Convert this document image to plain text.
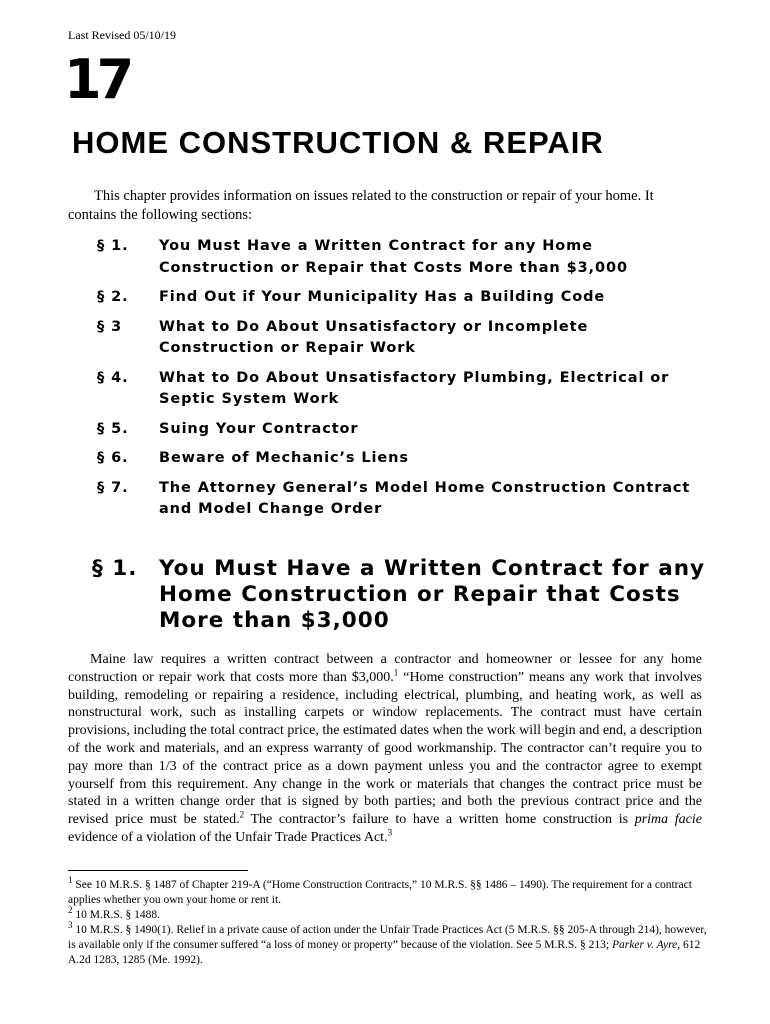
Last Revised 05/10/19
17
HOME CONSTRUCTION & REPAIR

This chapter provides information on issues related to the construction or repair of your home. It contains the following sections:

§ 1.	You Must Have a Written Contract for any Home Construction or Repair that Costs More than $3,000
§ 2.	Find Out if Your Municipality Has a Building Code
§ 3	What to Do About Unsatisfactory or Incomplete Construction or Repair Work
§ 4.	What to Do About Unsatisfactory Plumbing, Electrical or Septic System Work
§ 5.	Suing Your Contractor
§ 6.	Beware of Mechanic’s Liens
§ 7.	The Attorney General’s Model Home Construction Contract and Model Change Order
§ 1.	You Must Have a Written Contract for any Home Construction or Repair that Costs More than $3,000

Maine law requires a written contract between a contractor and homeowner or lessee for any home construction or repair work that costs more than $3,000.$^1$ “Home construction” means any work that involves building, remodeling or repairing a residence, including electrical, plumbing, and heating work, as well as nonstructural work, such as installing carpets or window replacements. The contract must have certain provisions, including the total contract price, the estimated dates when the work will begin and end, a description of the work and materials, and an express warranty of good workmanship. The contractor can’t require you to pay more than 1/3 of the contract price as a down payment unless you and the contractor agree to exempt yourself from this requirement. Any change in the work or materials that changes the contract price must be stated in a written change order that is signed by both parties; and both the previous contract price and the revised price must be stated.$^2$ The contractor’s failure to have a written home construction is prima facie evidence of a violation of the Unfair Trade Practices Act.$^3$

$^1$ See 10 M.R.S. § 1487 of Chapter 219-A (“Home Construction Contracts,” 10 M.R.S. §§ 1486 – 1490). The requirement for a contract applies whether you own your home or rent it.

$^2$ 10 M.R.S. § 1488.

$^3$ 10 M.R.S. § 1490(1). Relief in a private cause of action under the Unfair Trade Practices Act (5 M.R.S. §§ 205-A through 214), however, is available only if the consumer suffered “a loss of money or property” because of the violation. See 5 M.R.S. § 213; Parker v. Ayre, 612 A.2d 1283, 1285 (Me. 1992).
